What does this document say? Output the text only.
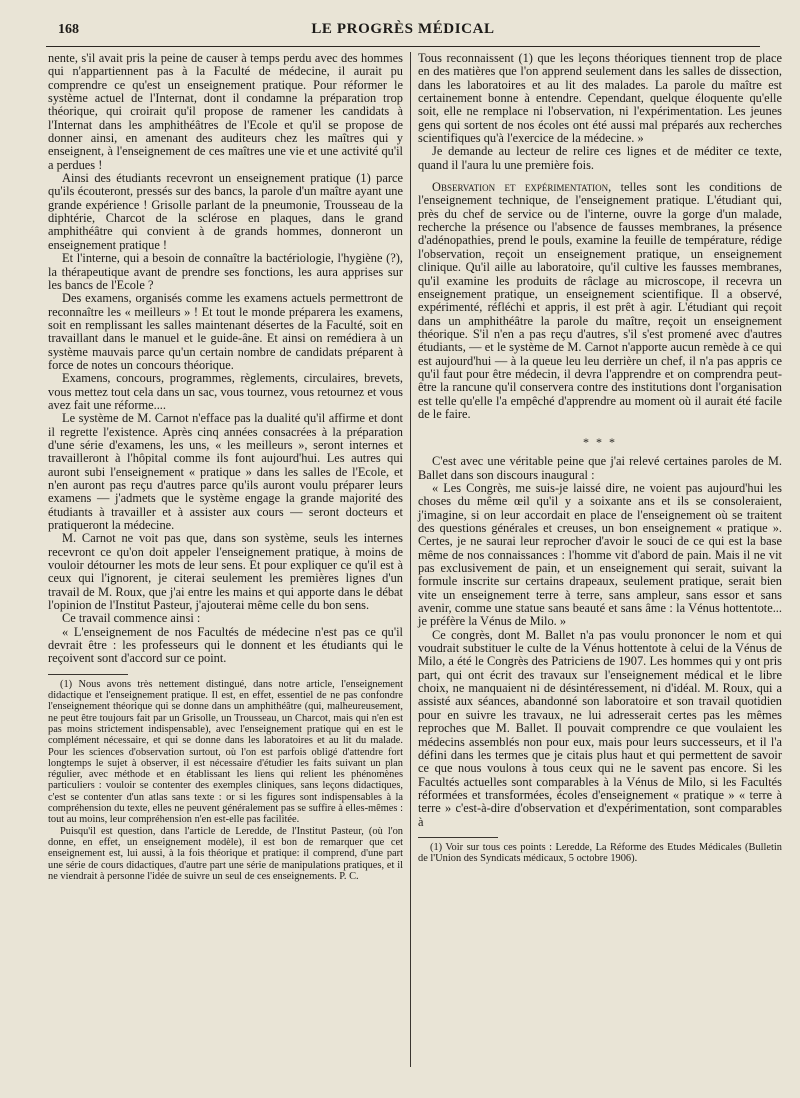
168	LE PROGRÈS MÉDICAL

nente, s'il avait pris la peine de causer à temps perdu avec des hommes qui n'appartiennent pas à la Faculté de médecine, il aurait pu comprendre ce qu'est un enseignement pratique. Pour réformer le système actuel de l'Internat, dont il condamne la préparation trop théorique, qui croirait qu'il propose de ramener les candidats à l'Internat dans les amphithéâtres de l'Ecole et qu'il se propose de donner ainsi, en amenant des auditeurs chez les maîtres qui y enseignent, à l'enseignement de ces maîtres une vie et une activité qu'il a perdues !

Ainsi des étudiants recevront un enseignement pratique (1) parce qu'ils écouteront, pressés sur des bancs, la parole d'un maître ayant une grande expérience ! Grisolle parlant de la pneumonie, Trousseau de la diphtérie, Charcot de la sclérose en plaques, dans le grand amphithéâtre qui convient à de grands hommes, donneront un enseignement pratique !

Et l'interne, qui a besoin de connaître la bactériologie, l'hygiène (?), la thérapeutique avant de prendre ses fonctions, les aura apprises sur les bancs de l'Ecole ?

Des examens, organisés comme les examens actuels permettront de reconnaître les « meilleurs » ! Et tout le monde préparera les examens, soit en remplissant les salles maintenant désertes de la Faculté, soit en travaillant dans le manuel et le guide-âne. Et ainsi on remédiera à un système mauvais parce qu'un certain nombre de candidats préparent à force de notes un concours théorique.

Examens, concours, programmes, règlements, circulaires, brevets, vous mettez tout cela dans un sac, vous tournez, vous retournez et vous avez fait une réforme....

Le système de M. Carnot n'efface pas la dualité qu'il affirme et dont il regrette l'existence. Après cinq années consacrées à la préparation d'une série d'examens, les uns, « les meilleurs », seront internes et travailleront à l'hôpital comme ils font aujourd'hui. Les autres qui auront subi l'enseignement « pratique » dans les salles de l'Ecole, et n'en auront pas reçu d'autres parce qu'ils auront voulu préparer leurs examens — j'admets que le système engage la grande majorité des étudiants à travailler et à assister aux cours — seront docteurs et pratiqueront la médecine.

M. Carnot ne voit pas que, dans son système, seuls les internes recevront ce qu'on doit appeler l'enseignement pratique, à moins de vouloir détourner les mots de leur sens. Et pour expliquer ce qu'il est à ceux qui l'ignorent, je citerai seulement les premières lignes d'un travail de M. Roux, que j'ai entre les mains et qui apporte dans le débat l'opinion de l'Institut Pasteur, j'ajouterai même celle du bon sens.

Ce travail commence ainsi :

« L'enseignement de nos Facultés de médecine n'est pas ce qu'il devrait être : les professeurs qui le donnent et les étudiants qui le reçoivent sont d'accord sur ce point.

(1) Nous avons très nettement distingué, dans notre article, l'enseignement didactique et l'enseignement pratique. Il est, en effet, essentiel de ne pas confondre l'enseignement théorique qui se donne dans un amphithéâtre (qui, malheureusement, ne peut être toujours fait par un Grisolle, un Trousseau, un Charcot, mais qui n'en est pas moins strictement indispensable), avec l'enseignement pratique qui en est le complément nécessaire, et qui se donne dans les laboratoires et au lit du malade. Pour les sciences d'observation surtout, où l'on est parfois obligé d'attendre fort longtemps le sujet à observer, il est nécessaire d'étudier les faits suivant un plan régulier, avec méthode et en établissant les liens qui relient les phénomènes particuliers : vouloir se contenter des exemples cliniques, sans leçons didactiques, c'est se contenter d'un atlas sans texte : or si les figures sont indispensables à la compréhension du texte, elles ne peuvent généralement pas se suffire à elles-mêmes : tout au moins, leur compréhension n'en est-elle pas facilitée.

Puisqu'il est question, dans l'article de Leredde, de l'Institut Pasteur, (où l'on donne, en effet, un enseignement modèle), il est bon de remarquer que cet enseignement est, lui aussi, à la fois théorique et pratique: il comprend, d'une part une série de cours didactiques, d'autre part une série de manipulations pratiques, et il ne viendrait à personne l'idée de suivre un seul de ces enseignements. P. C.

Tous reconnaissent (1) que les leçons théoriques tiennent trop de place en des matières que l'on apprend seulement dans les salles de dissection, dans les laboratoires et au lit des malades. La parole du maître est certainement bonne à entendre. Cependant, quelque éloquente qu'elle soit, elle ne remplace ni l'observation, ni l'expérimentation. Les jeunes gens qui sortent de nos écoles ont été aussi mal préparés aux recherches scientifiques qu'à l'exercice de la médecine. »

Je demande au lecteur de relire ces lignes et de méditer ce texte, quand il l'aura lu une première fois.

Observation et expérimentation, telles sont les conditions de l'enseignement technique, de l'enseignement pratique. L'étudiant qui, près du chef de service ou de l'interne, ouvre la gorge d'un malade, recherche la présence ou l'absence de fausses membranes, la présence d'adénopathies, prend le pouls, examine la feuille de température, rédige l'observation, reçoit un enseignement pratique, un enseignement clinique. Qu'il aille au laboratoire, qu'il cultive les fausses membranes, qu'il examine les produits de râclage au microscope, il recevra un enseignement pratique, un enseignement scientifique. Il a observé, expérimenté, réfléchi et appris, il est prêt à agir. L'étudiant qui reçoit dans un amphithéâtre la parole du maître, reçoit un enseignement théorique. S'il n'en a pas reçu d'autres, s'il s'est promené avec d'autres étudiants, — et le système de M. Carnot n'apporte aucun remède à ce qui est aujourd'hui — à la queue leu leu derrière un chef, il n'a pas appris ce qu'il faut pour être médecin, il devra l'apprendre et on comprendra peut-être la rancune qu'il conservera contre des institutions dont l'organisation est telle qu'elle l'a empêché d'apprendre au moment où il aurait été facile de le faire.

* * *

C'est avec une véritable peine que j'ai relevé certaines paroles de M. Ballet dans son discours inaugural :

« Les Congrès, me suis-je laissé dire, ne voient pas aujourd'hui les choses du même œil qu'il y a soixante ans et ils se consoleraient, j'imagine, si on leur accordait en place de l'enseignement où se traitent des questions générales et creuses, un bon enseignement « pratique ». Certes, je ne saurai leur reprocher d'avoir le souci de ce qui est la base même de nos connaissances : l'homme vit d'abord de pain. Mais il ne vit pas exclusivement de pain, et un enseignement qui serait, suivant la formule inscrite sur certains drapeaux, seulement pratique, serait bien vite un enseignement terre à terre, sans ampleur, sans essor et sans avenir, comme une statue sans beauté et sans âme : la Vénus hottentote... je préfère la Vénus de Milo. »

Ce congrès, dont M. Ballet n'a pas voulu prononcer le nom et qui voudrait substituer le culte de la Vénus hottentote à celui de la Vénus de Milo, a été le Congrès des Patriciens de 1907. Les hommes qui y ont pris part, qui ont écrit des travaux sur l'enseignement médical et le libre choix, ne manquaient ni de désintéressement, ni d'idéal. M. Roux, qui a assisté aux séances, abandonné son laboratoire et son travail quotidien pour en suivre les travaux, ne lui adresserait certes pas les mêmes reproches que M. Ballet. Il pouvait comprendre ce que voulaient les médecins assemblés non pour eux, mais pour leurs successeurs, et il l'a défini dans les termes que je citais plus haut et qui permettent de savoir ce que nous voulons à tous ceux qui ne le savent pas encore. Si les Facultés actuelles sont comparables à la Vénus de Milo, si les Facultés réformées et transformées, écoles d'enseignement « pratique » « terre à terre » c'est-à-dire d'observation et d'expérimentation, sont comparables à

(1) Voir sur tous ces points : Leredde, La Réforme des Etudes Médicales (Bulletin de l'Union des Syndicats médicaux, 5 octobre 1906).
